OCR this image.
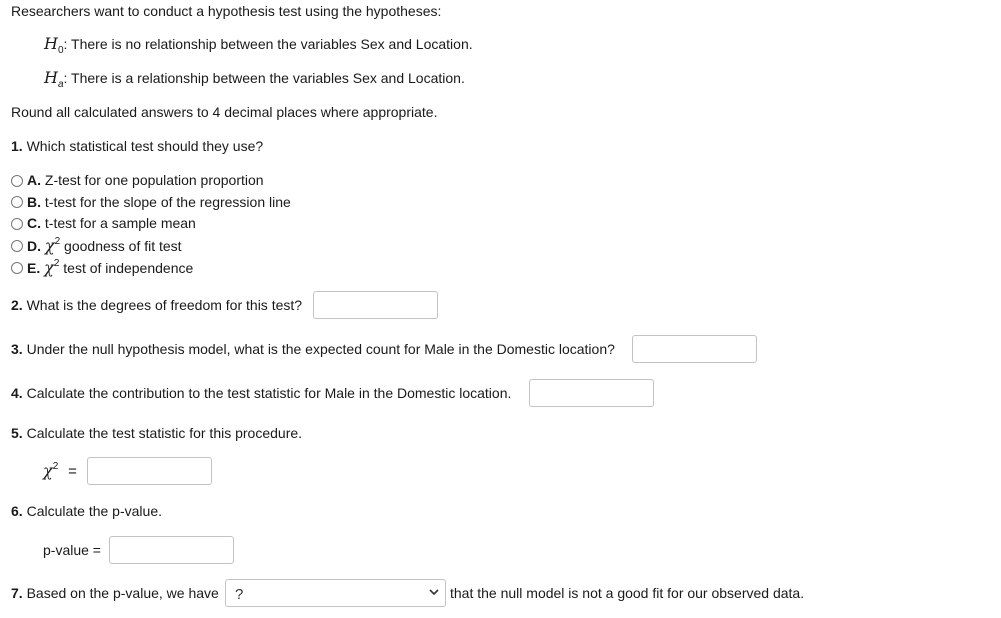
Researchers want to conduct a hypothesis test using the hypotheses:
$H_0$: There is no relationship between the variables Sex and Location.
$H_a$: There is a relationship between the variables Sex and Location.
Round all calculated answers to 4 decimal places where appropriate.
1. Which statistical test should they use?
A. Z-test for one population proportion
B. t-test for the slope of the regression line
C. t-test for a sample mean
D. $\chi^2$ goodness of fit test
E. $\chi^2$ test of independence
2. What is the degrees of freedom for this test?
3. Under the null hypothesis model, what is the expected count for Male in the Domestic location?
4. Calculate the contribution to the test statistic for Male in the Domestic location.
5. Calculate the test statistic for this procedure.
$\chi^2$ =
6. Calculate the p-value.
p-value =
7. Based on the p-value, we have ?	that the null model is not a good fit for our observed data.
